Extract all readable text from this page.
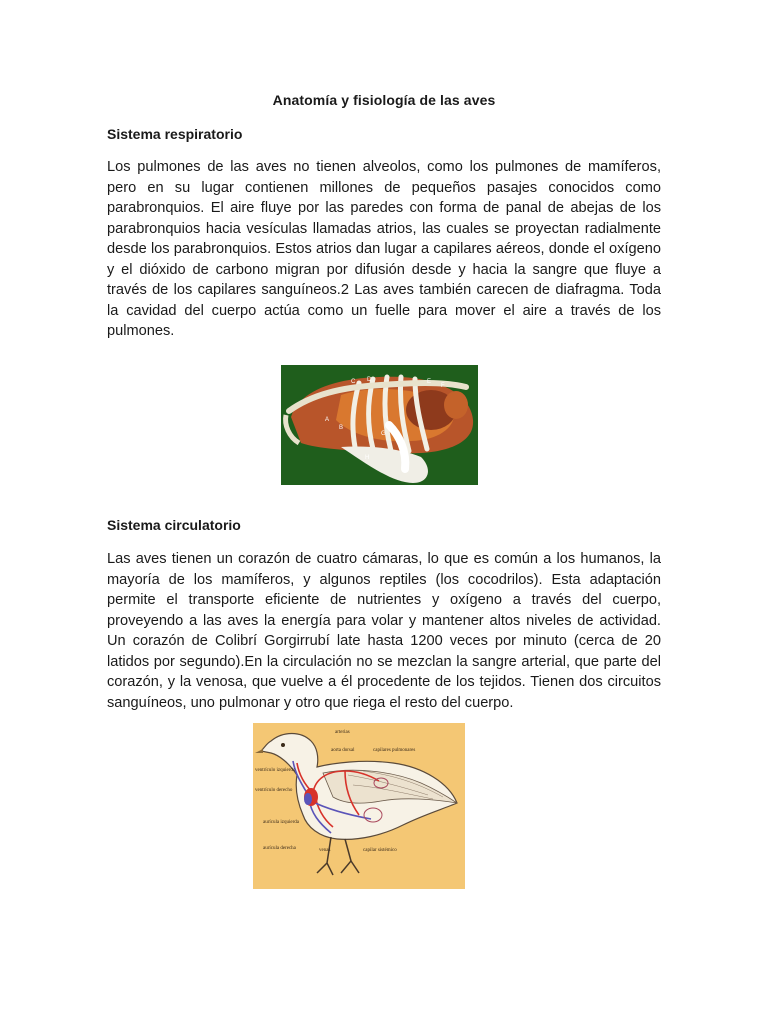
Anatomía y fisiología de las aves
Sistema respiratorio
Los pulmones de las aves no tienen alveolos, como los pulmones de mamíferos, pero en su lugar contienen millones de pequeños pasajes conocidos como parabronquios. El aire fluye por las paredes con forma de panal de abejas de los parabronquios hacia vesículas llamadas atrios, las cuales se proyectan radialmente desde los parabronquios. Estos atrios dan lugar a capilares aéreos, donde el oxígeno y el dióxido de carbono migran por difusión desde y hacia la sangre que fluye a través de los capilares sanguíneos.2 Las aves también carecen de diafragma. Toda la cavidad del cuerpo actúa como un fuelle para mover el aire a través de los pulmones.
A
B
C D	E
F
G
H
Sistema circulatorio
Las aves tienen un corazón de cuatro cámaras, lo que es común a los humanos, la mayoría de los mamíferos, y algunos reptiles (los cocodrilos). Esta adaptación permite el transporte eficiente de nutrientes y oxígeno a través del cuerpo, proveyendo a las aves la energía para volar y mantener altos niveles de actividad. Un corazón de Colibrí Gorgirrubí late hasta 1200 veces por minuto (cerca de 20 latidos por segundo).En la circulación no se mezclan la sangre arterial, que parte del corazón, y la venosa, que vuelve a él procedente de los tejidos. Tienen dos circuitos sanguíneos, uno pulmonar y otro que riega el resto del cuerpo.
arterias
aorta dorsal	capilares pulmonares
ventrículo izquierdo
ventrículo derecho
aurícula izquierda
aurícula derecha	venas	capilar sistémico
